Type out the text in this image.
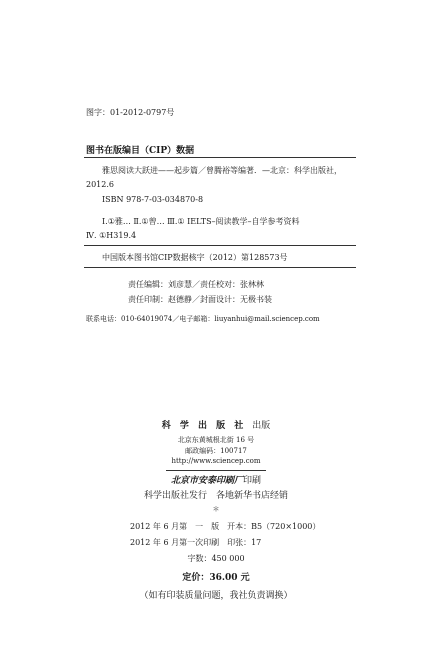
图字：01-2012-0797号
图书在版编目（CIP）数据
雅思阅读大跃进——起步篇／曾腾裕等编著．—北京：科学出版社，
2012.6
ISBN 978-7-03-034870-8
Ⅰ.①雅… Ⅱ.①曾… Ⅲ.① IELTS–阅读教学–自学参考资料
Ⅳ. ①H319.4
中国版本图书馆CIP数据核字（2012）第128573号
责任编辑：刘彦慧／责任校对：张林林
责任印制：赵德静／封面设计：无极书装
联系电话：010-64019074／电子邮箱：liuyanhui@mail.sciencep.com
科 学 出 版 社 出版
北京东黄城根北街 16 号
邮政编码：100717
http://www.sciencep.com
北京市安泰印刷厂印刷
科学出版社发行　各地新华书店经销
＊
2012 年 6 月第　一　版　开本：B5（720×1000）
2012 年 6 月第一次印刷　印张：17
字数：450 000
定价：36.00 元
（如有印装质量问题，我社负责调换）
